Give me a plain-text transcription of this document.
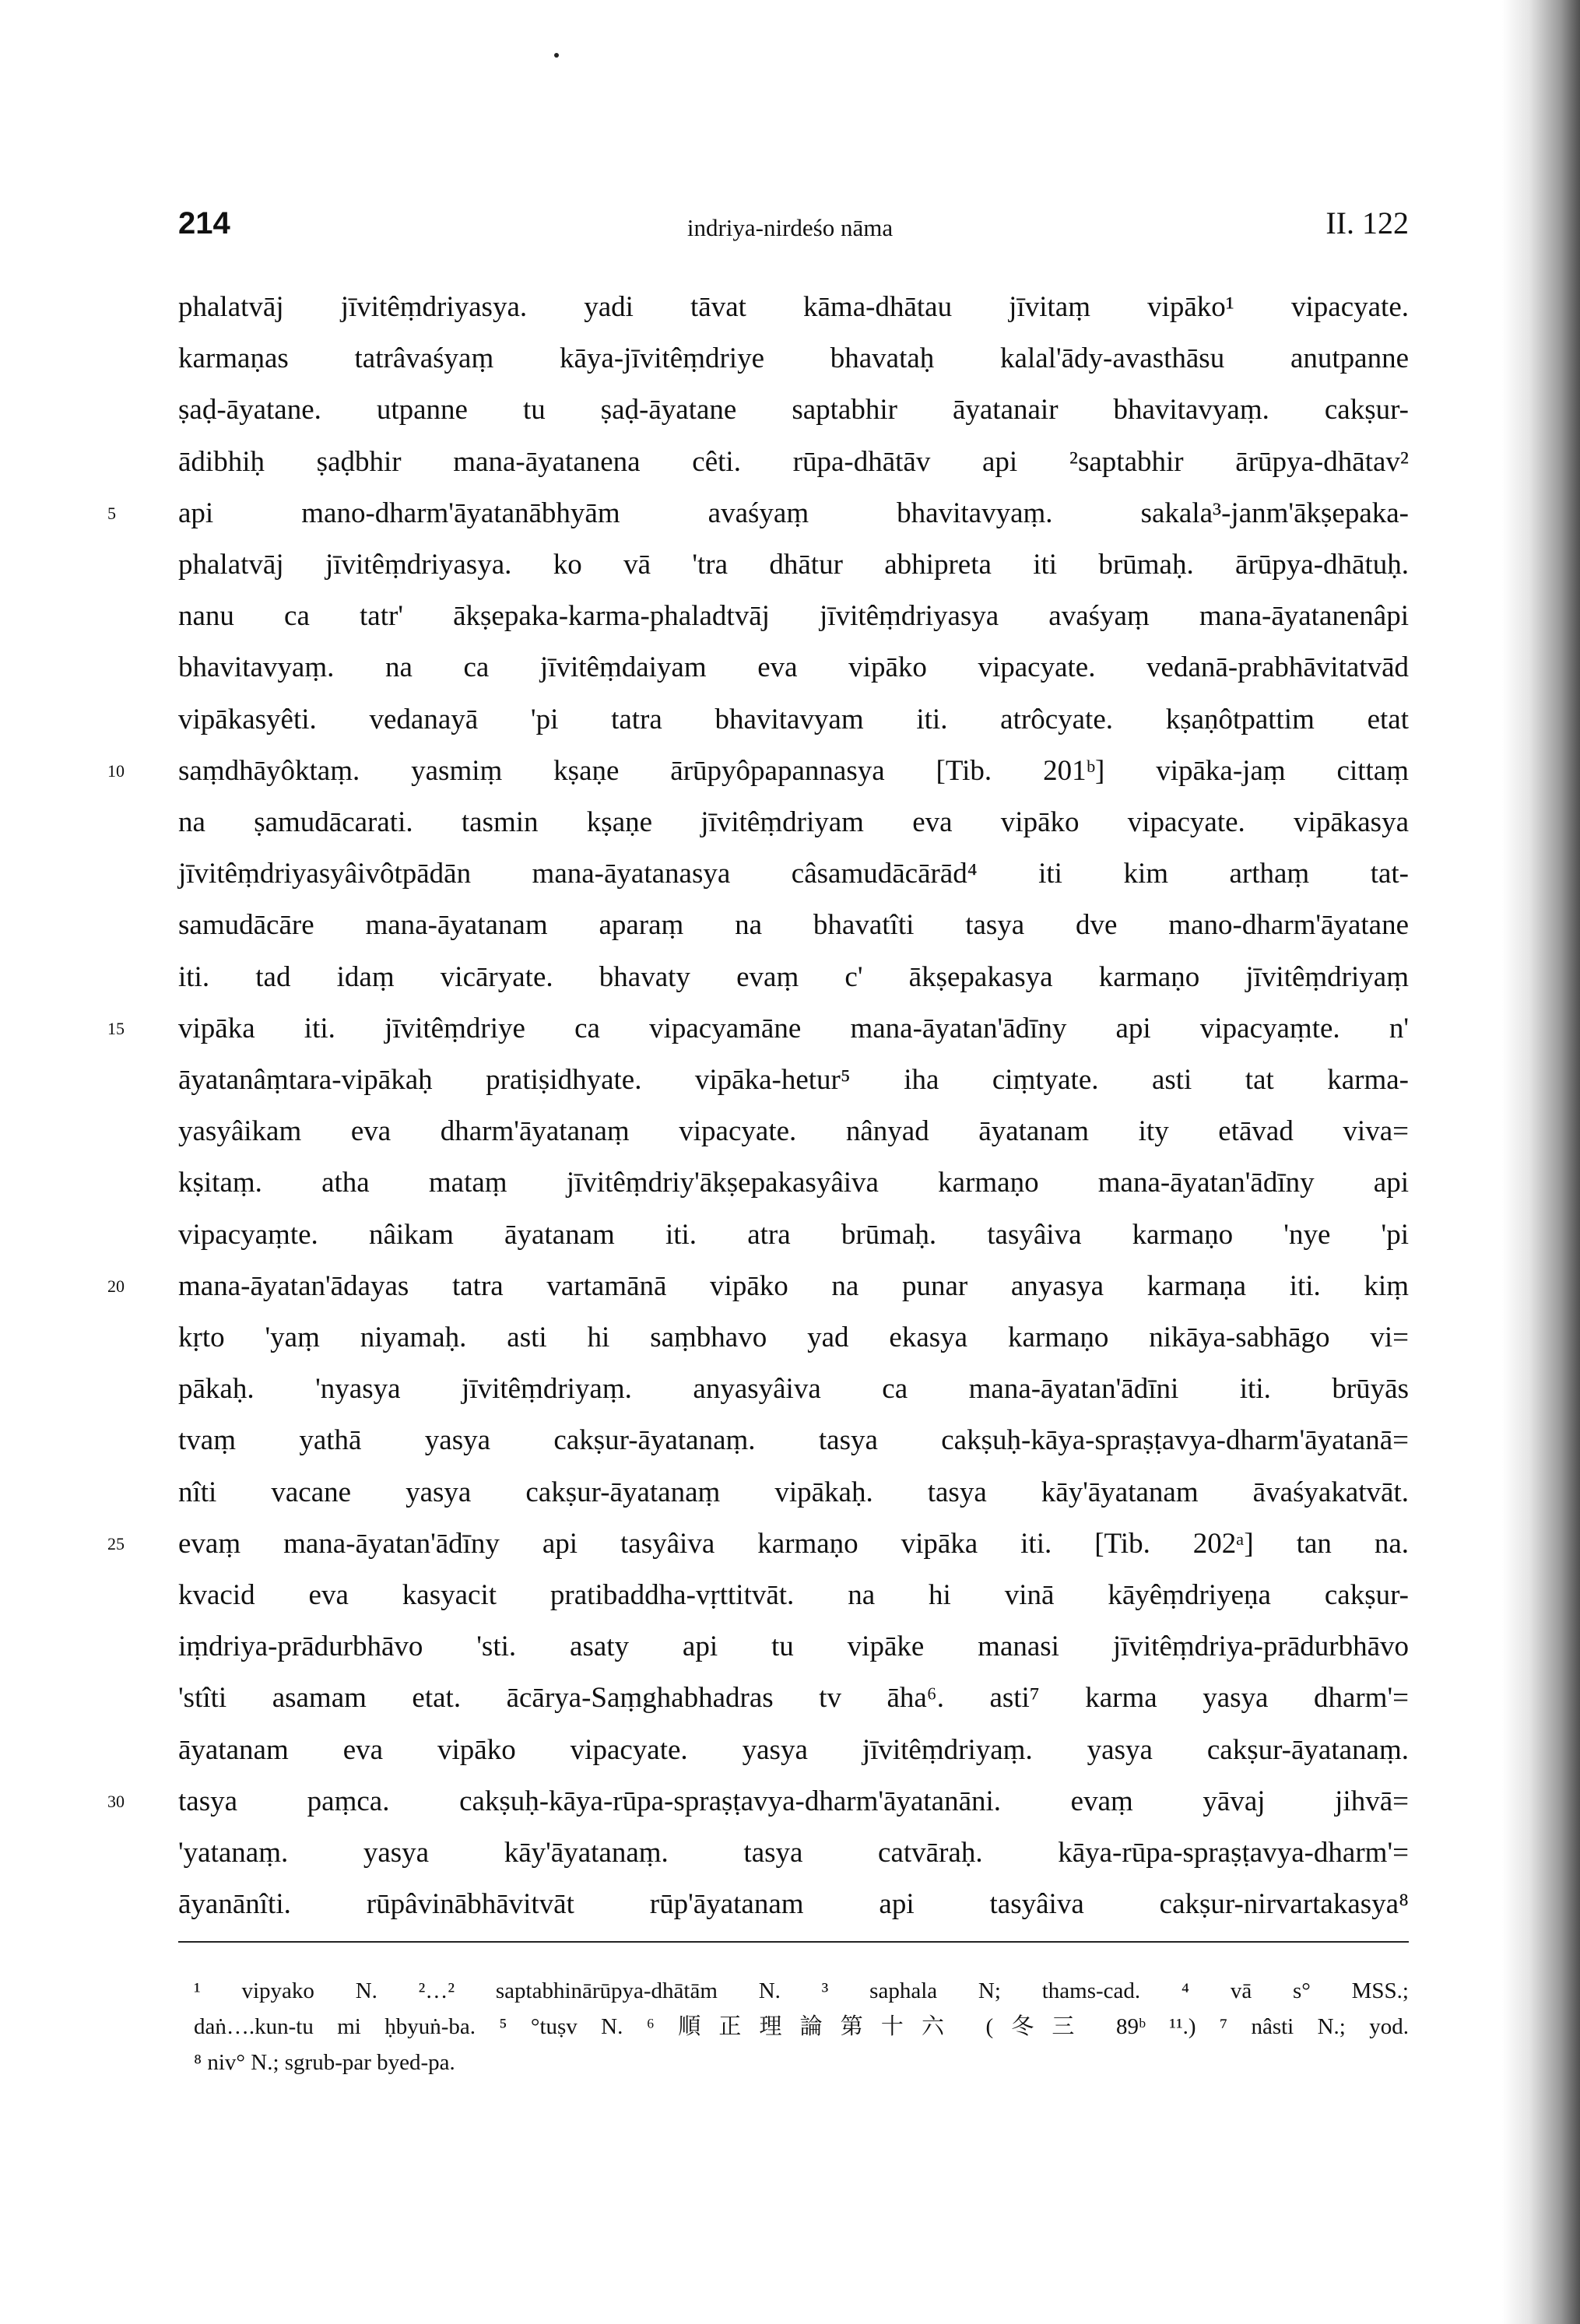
214	indriya-nirdeśo nāma	II. 122
phalatvāj jīvitêṃdriyasya. yadi tāvat kāma-dhātau jīvitaṃ vipāko¹ vipacyate.
karmaṇas tatrâvaśyaṃ kāya-jīvitêṃdriye bhavataḥ kalal'ādy-avasthāsu anutpanne
ṣaḍ-āyatane. utpanne tu ṣaḍ-āyatane saptabhir āyatanair bhavitavyaṃ. cakṣur-
ādibhiḥ ṣaḍbhir mana-āyatanena cêti. rūpa-dhātāv api ²saptabhir ārūpya-dhātav²
api mano-dharm'āyatanābhyām avaśyaṃ bhavitavyaṃ. sakala³-janm'ākṣepaka-
phalatvāj jīvitêṃdriyasya. ko vā 'tra dhātur abhipreta iti brūmaḥ. ārūpya-dhātuḥ.
nanu ca tatr' ākṣepaka-karma-phaladtvāj jīvitêṃdriyasya avaśyaṃ mana-āyatanenâpi
bhavitavyaṃ. na ca jīvitêṃdaiyam eva vipāko vipacyate. vedanā-prabhāvitatvād
vipākasyêti. vedanayā 'pi tatra bhavitavyam iti. atrôcyate. kṣaṇôtpattim etat
saṃdhāyôktaṃ. yasmiṃ kṣaṇe ārūpyôpapannasya [Tib. 201ᵇ] vipāka-jaṃ cittaṃ
na ṣamudācarati. tasmin kṣaṇe jīvitêṃdriyam eva vipāko vipacyate. vipākasya
jīvitêṃdriyasyâivôtpādān mana-āyatanasya câsamudācārād⁴ iti kim arthaṃ tat-
samudācāre mana-āyatanam aparaṃ na bhavatîti tasya dve mano-dharm'āyatane
iti. tad idaṃ vicāryate. bhavaty evaṃ c' ākṣepakasya karmaṇo jīvitêṃdriyaṃ
vipāka iti. jīvitêṃdriye ca vipacyamāne mana-āyatan'ādīny api vipacyaṃte. n'
āyatanâṃtara-vipākaḥ pratiṣidhyate. vipāka-hetur⁵ iha ciṃtyate. asti tat karma-
yasyâikam eva dharm'āyatanaṃ vipacyate. nânyad āyatanam ity etāvad viva=
kṣitaṃ. atha mataṃ jīvitêṃdriy'ākṣepakasyâiva karmaṇo mana-āyatan'ādīny api
vipacyaṃte. nâikam āyatanam iti. atra brūmaḥ. tasyâiva karmaṇo 'nye 'pi
mana-āyatan'ādayas tatra vartamānā vipāko na punar anyasya karmaṇa iti. kiṃ
kṛto 'yaṃ niyamaḥ. asti hi saṃbhavo yad ekasya karmaṇo nikāya-sabhāgo vi=
pākaḥ. 'nyasya jīvitêṃdriyaṃ. anyasyâiva ca mana-āyatan'ādīni iti. brūyās
tvaṃ yathā yasya cakṣur-āyatanaṃ. tasya cakṣuḥ-kāya-spraṣṭavya-dharm'āyatanā=
nîti vacane yasya cakṣur-āyatanaṃ vipākaḥ. tasya kāy'āyatanam āvaśyakatvāt.
evaṃ mana-āyatan'ādīny api tasyâiva karmaṇo vipāka iti. [Tib. 202ᵃ] tan na.
kvacid eva kasyacit pratibaddha-vṛttitvāt. na hi vinā kāyêṃdriyeṇa cakṣur-
iṃdriya-prādurbhāvo 'sti. asaty api tu vipāke manasi jīvitêṃdriya-prādurbhāvo
'stîti asamam etat. ācārya-Saṃghabhadras tv āha⁶. asti⁷ karma yasya dharm'=
āyatanam eva vipāko vipacyate. yasya jīvitêṃdriyaṃ. yasya cakṣur-āyatanaṃ.
tasya paṃca. cakṣuḥ-kāya-rūpa-spraṣṭavya-dharm'āyatanāni. evaṃ yāvaj jihvā=
'yatanaṃ. yasya kāy'āyatanaṃ. tasya catvāraḥ. kāya-rūpa-spraṣṭavya-dharm'=
āyanānîti. rūpâvinābhāvitvāt rūp'āyatanam api tasyâiva cakṣur-nirvartakasya⁸
5
10
15
20
25
30
¹ vipyako N. ²…² saptabhinārūpya-dhātām N. ³ saphala N; thams-cad. ⁴ vā s° MSS.;
daṅ….kun-tu mi ḥbyuṅ-ba. ⁵ °tuṣv N. ⁶ 順正理論第十六 (冬三 89ᵇ ¹¹.) ⁷ nâsti N.; yod.
⁸ niv° N.; sgrub-par byed-pa.
